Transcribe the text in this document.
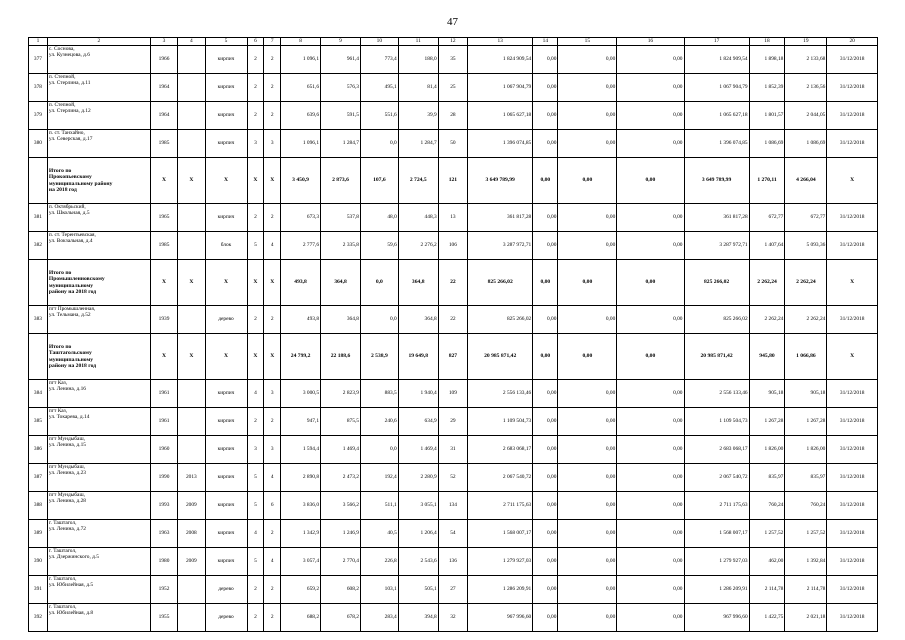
47
1	2	3	4	5	6	7	8	9	10	11	12	13	14	15	16	17	18	19	20
377	с. Соснова,
ул. Кузнецова, д.6	1966		кирпич	2	2	1 096,1	961,4	773,4	188,0	35	1 824 909,54	0,00	0,00	0,00	1 824 909,54	1 898,18	2 133,68	31/12/2018
378	п. Степной,
ул. Стерлина, д.11	1964		кирпич	2	2	651,6	576,3	495,1	81,4	25	1 067 904,79	0,00	0,00	0,00	1 067 904,79	1 852,39	2 136,56	31/12/2018
379	п. Степной,
ул. Стерлина, д.12	1964		кирпич	2	2	639,6	591,5	551,6	39,9	28	1 065 627,18	0,00	0,00	0,00	1 065 627,18	1 801,57	2 044,05	31/12/2018
380	п. ст. Танхайно,
ул. Северская, д.17	1985		кирпич	3	3	1 096,1	1 284,7	0,0	1 284,7	50	1 396 074,85	0,00	0,00	0,00	1 396 074,85	1 086,69	1 086,69	31/12/2018
	Итого по
Прокопьевскому
муниципальному району
на 2018 год	Х	Х	Х	Х	Х	3 450,9	2 873,6	107,6	2 724,5	121	3 649 789,99	0,00	0,00	0,00	3 649 789,99	1 270,11	4 266,04	Х
381	п. Октябрьский,
ул. Школьная, д.5	1965		кирпич	2	2	673,3	537,8	48,0	448,3	13	361 817,28	0,00	0,00	0,00	361 817,28	672,77	672,77	31/12/2018
382	п. ст. Терентьевская,
ул. Вокзальная, д.4	1985		блок	5	4	2 777,6	2 335,8	59,6	2 276,2	106	3 287 972,71	0,00	0,00	0,00	3 287 972,71	1 407,64	5 093,36	31/12/2018
	Итого по
Промышленновскому
муниципальному
району на 2018 год	Х	Х	Х	Х	Х	493,8	364,8	0,0	364,8	22	825 266,02	0,00	0,00	0,00	825 266,02	2 262,24	2 262,24	Х
383	пгт Промышленная,
ул. Тельмана, д.52	1939		дерево	2	2	493,8	364,8	0,0	364,8	22	825 266,02	0,00	0,00	0,00	825 266,02	2 262,24	2 262,24	31/12/2018
	Итого по
Таштагольскому
муниципальному
району на 2018 год	Х	Х	Х	Х	Х	24 799,2	22 188,6	2 538,9	19 649,8	827	20 985 871,42	0,00	0,00	0,00	20 985 871,42	945,80	1 066,86	Х
384	пгт Каз,
ул. Ленина, д.16	1961		кирпич	4	3	3 000,5	2 823,9	883,5	1 940,4	109	2 556 133,46	0,00	0,00	0,00	2 556 133,46	905,18	905,18	31/12/2018
385	пгт Каз,
ул. Токарева, д.14	1961		кирпич	2	2	947,1	875,5	240,6	634,9	29	1 109 504,73	0,00	0,00	0,00	1 109 504,73	1 267,28	1 267,28	31/12/2018
386	пгт Мундыбаш,
ул. Ленина, д.15	1960		кирпич	3	3	1 594,4	1 469,4	0,0	1 469,4	31	2 683 068,17	0,00	0,00	0,00	2 683 068,17	1 826,00	1 826,00	31/12/2018
387	пгт Мундыбаш,
ул. Ленина, д.23	1990	2013	кирпич	5	4	2 890,8	2 473,2	192,4	2 280,9	52	2 067 540,72	0,00	0,00	0,00	2 067 540,72	835,97	835,97	31/12/2018
388	пгт Мундыбаш,
ул. Ленина, д.28	1993	2009	кирпич	5	6	3 836,0	3 566,2	511,1	3 055,1	134	2 711 175,63	0,00	0,00	0,00	2 711 175,63	760,24	760,24	31/12/2018
389	г. Таштагол,
ул. Ленина, д.72	1963	2008	кирпич	4	2	1 342,9	1 246,9	40,5	1 206,4	54	1 568 007,17	0,00	0,00	0,00	1 568 007,17	1 257,52	1 257,52	31/12/2018
390	г. Таштагол,
ул. Дзержинского, д.5	1980	2009	кирпич	5	4	3 057,4	2 770,4	226,8	2 543,6	136	1 279 927,03	0,00	0,00	0,00	1 279 927,03	462,00	1 392,84	31/12/2018
391	г. Таштагол,
ул. Юбилейная, д.5	1952		дерево	2	2	659,2	608,2	103,1	505,1	27	1 286 209,91	0,00	0,00	0,00	1 286 209,91	2 114,78	2 114,78	31/12/2018
392	г. Таштагол,
ул. Юбилейная, д.8	1955		дерево	2	2	688,2	678,2	283,4	394,8	32	967 996,60	0,00	0,00	0,00	967 996,60	1 422,75	2 021,18	31/12/2018
